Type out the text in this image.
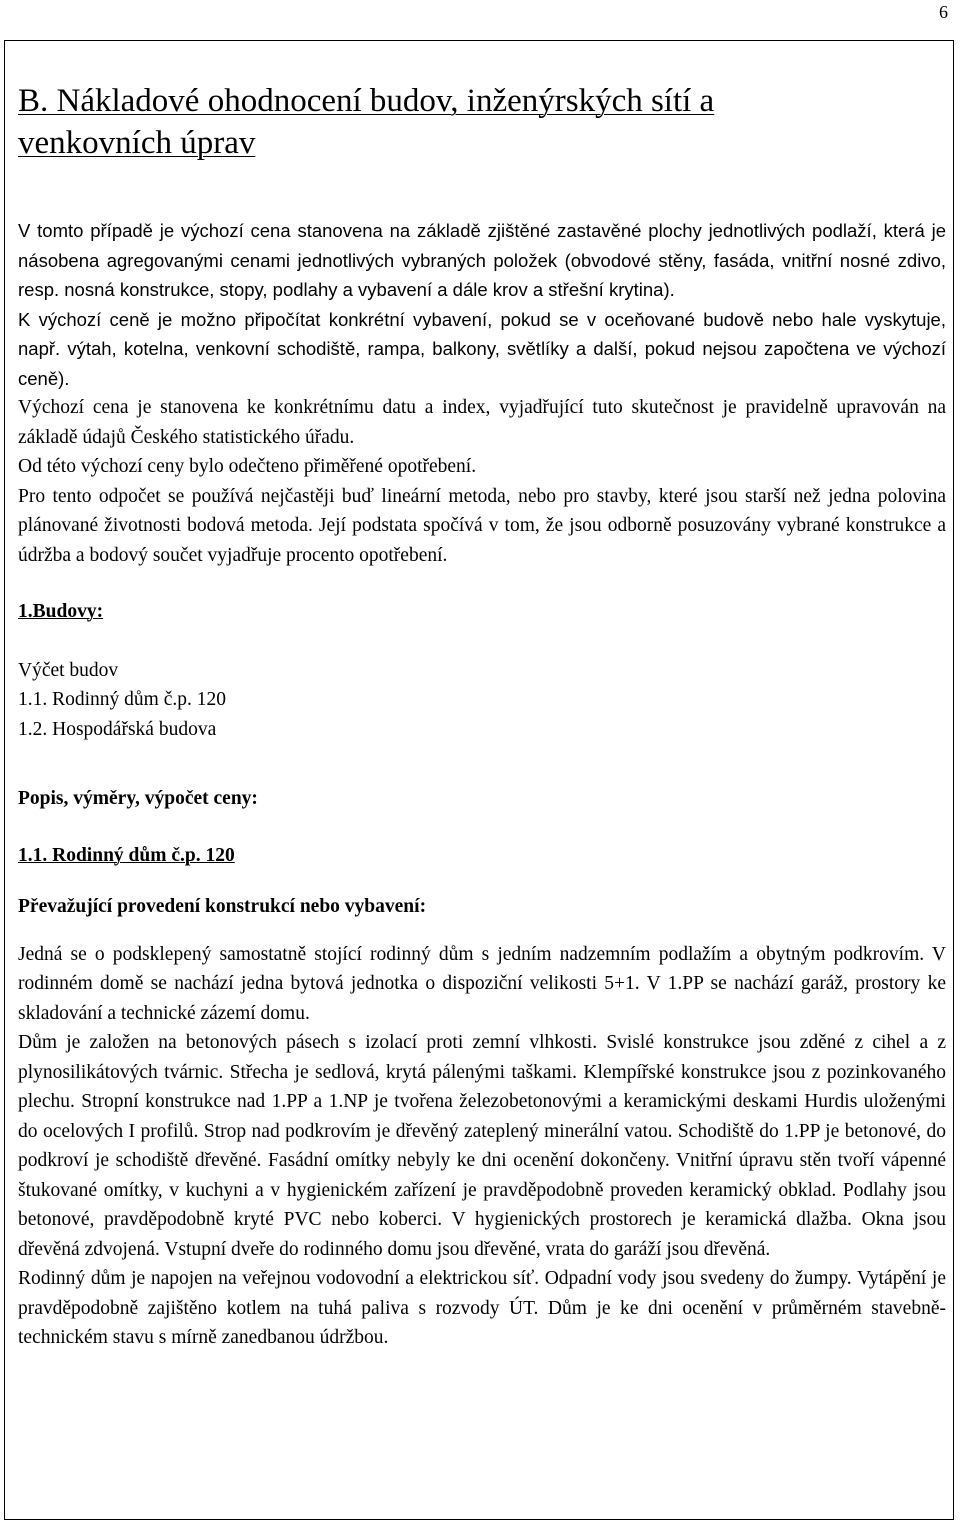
6
B. Nákladové ohodnocení budov, inženýrských sítí a venkovních úprav

V tomto případě je výchozí cena stanovena na základě zjištěné zastavěné plochy jednotlivých podlaží, která je násobena agregovanými cenami jednotlivých vybraných položek (obvodové stěny, fasáda, vnitřní nosné zdivo, resp. nosná konstrukce, stopy, podlahy a vybavení a dále krov a střešní krytina).

K výchozí ceně je možno připočítat konkrétní vybavení, pokud se v oceňované budově nebo hale vyskytuje, např. výtah, kotelna, venkovní schodiště, rampa, balkony, světlíky a další, pokud nejsou započtena ve výchozí ceně).

Výchozí cena je stanovena ke konkrétnímu datu a index, vyjadřující tuto skutečnost je pravidelně upravován na základě údajů Českého statistického úřadu.

Od této výchozí ceny bylo odečteno přiměřené opotřebení.

Pro tento odpočet se používá nejčastěji buď lineární metoda, nebo pro stavby, které jsou starší než jedna polovina plánované životnosti bodová metoda. Její podstata spočívá v tom, že jsou odborně posuzovány vybrané konstrukce a údržba a bodový součet vyjadřuje procento opotřebení.

1.Budovy:
Výčet budov
1.1. Rodinný dům č.p. 120
1.2. Hospodářská budova
Popis, výměry, výpočet ceny:
1.1. Rodinný dům č.p. 120
Převažující provedení konstrukcí nebo vybavení:

Jedná se o podsklepený samostatně stojící rodinný dům s jedním nadzemním podlažím a obytným podkrovím. V rodinném domě se nachází jedna bytová jednotka o dispoziční velikosti 5+1. V 1.PP se nachází garáž, prostory ke skladování a technické zázemí domu.

Dům je založen na betonových pásech s izolací proti zemní vlhkosti. Svislé konstrukce jsou zděné z cihel a z plynosilikátových tvárnic. Střecha je sedlová, krytá pálenými taškami. Klempířské konstrukce jsou z pozinkovaného plechu. Stropní konstrukce nad 1.PP a 1.NP je tvořena železobetonovými a keramickými deskami Hurdis uloženými do ocelových I profilů. Strop nad podkrovím je dřevěný zateplený minerální vatou. Schodiště do 1.PP je betonové, do podkroví je schodiště dřevěné. Fasádní omítky nebyly ke dni ocenění dokončeny. Vnitřní úpravu stěn tvoří vápenné štukované omítky, v kuchyni a v hygienickém zařízení je pravděpodobně proveden keramický obklad. Podlahy jsou betonové, pravděpodobně kryté PVC nebo koberci. V hygienických prostorech je keramická dlažba. Okna jsou dřevěná zdvojená. Vstupní dveře do rodinného domu jsou dřevěné, vrata do garáží jsou dřevěná.

Rodinný dům je napojen na veřejnou vodovodní a elektrickou síť. Odpadní vody jsou svedeny do žumpy. Vytápění je pravděpodobně zajištěno kotlem na tuhá paliva s rozvody ÚT. Dům je ke dni ocenění v průměrném stavebně-technickém stavu s mírně zanedbanou údržbou.
